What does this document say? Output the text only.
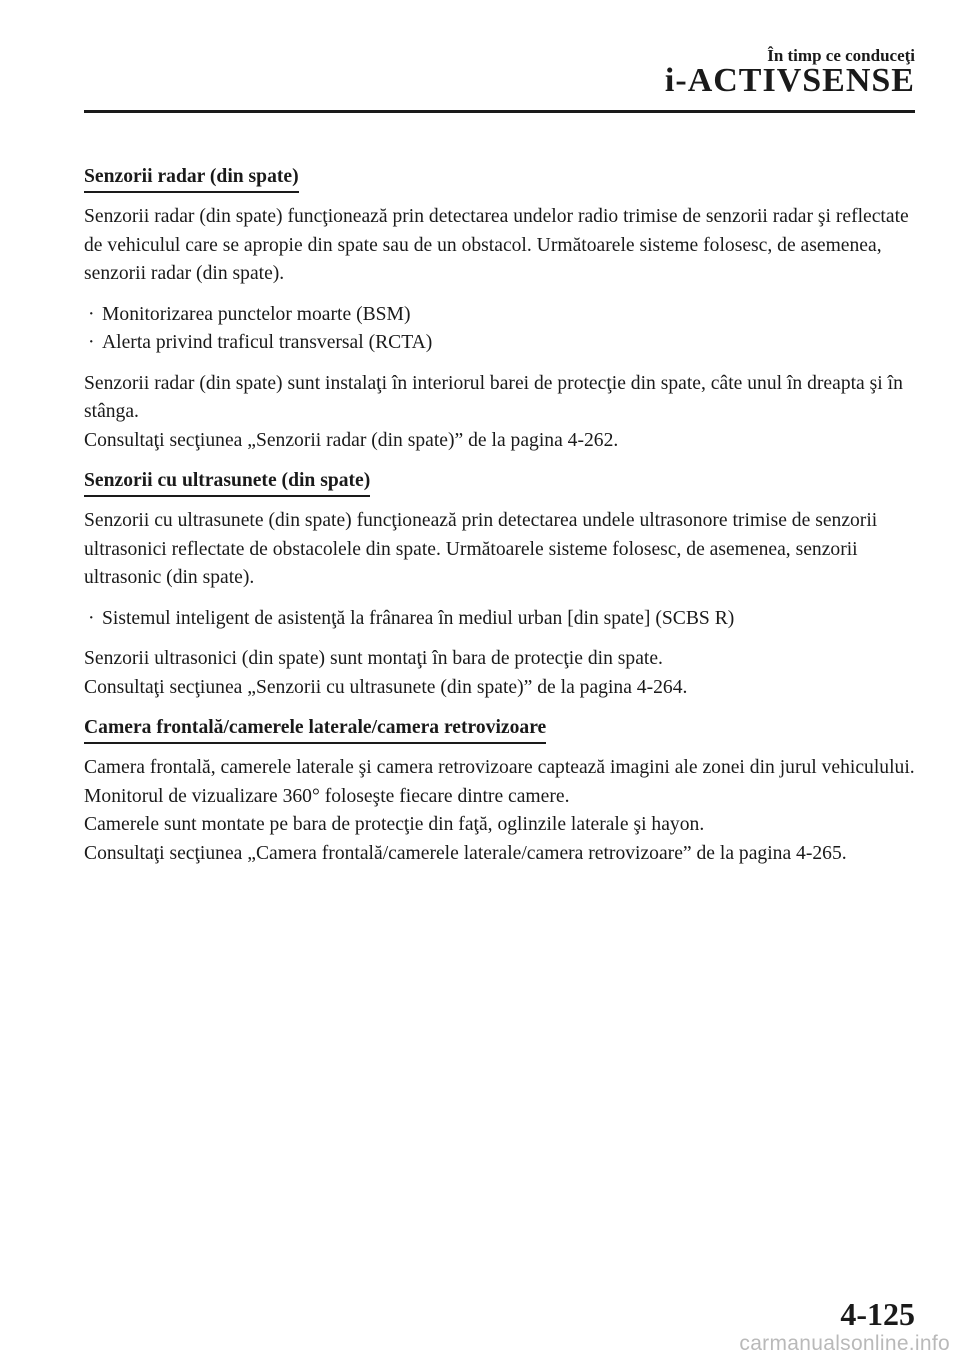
În timp ce conduceţi
i-ACTIVSENSE
Senzorii radar (din spate)

Senzorii radar (din spate) funcţionează prin detectarea undelor radio trimise de senzorii radar şi reflectate de vehiculul care se apropie din spate sau de un obstacol. Următoarele sisteme folosesc, de asemenea, senzorii radar (din spate).

· Monitorizarea punctelor moarte (BSM)
· Alerta privind traficul transversal (RCTA)

Senzorii radar (din spate) sunt instalaţi în interiorul barei de protecţie din spate, câte unul în dreapta şi în stânga.
Consultaţi secţiunea „Senzorii radar (din spate)” de la pagina 4-262.

Senzorii cu ultrasunete (din spate)

Senzorii cu ultrasunete (din spate) funcţionează prin detectarea undele ultrasonore trimise de senzorii ultrasonici reflectate de obstacolele din spate. Următoarele sisteme folosesc, de asemenea, senzorii ultrasonic (din spate).

· Sistemul inteligent de asistenţă la frânarea în mediul urban [din spate] (SCBS R)

Senzorii ultrasonici (din spate) sunt montaţi în bara de protecţie din spate.
Consultaţi secţiunea „Senzorii cu ultrasunete (din spate)” de la pagina 4-264.

Camera frontală/camerele laterale/camera retrovizoare

Camera frontală, camerele laterale şi camera retrovizoare captează imagini ale zonei din jurul vehiculului. Monitorul de vizualizare 360° foloseşte fiecare dintre camere.
Camerele sunt montate pe bara de protecţie din faţă, oglinzile laterale şi hayon.
Consultaţi secţiunea „Camera frontală/camerele laterale/camera retrovizoare” de la pagina 4-265.

4-125
carmanualsonline.info
